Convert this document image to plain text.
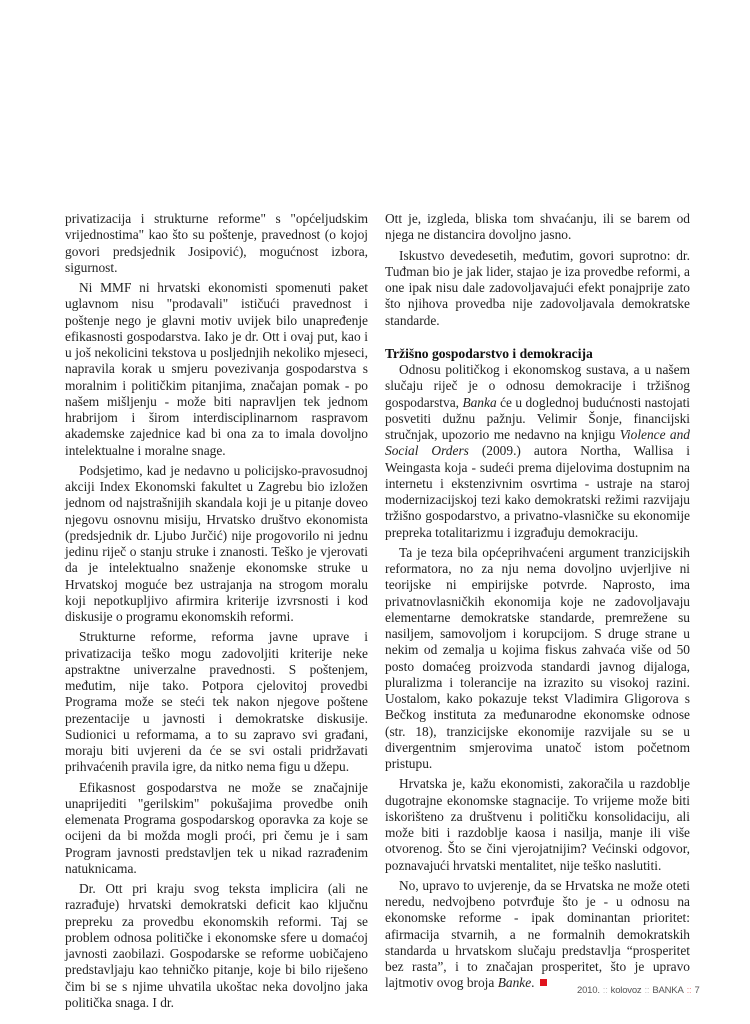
privatizacija i strukturne reforme" s "općeljudskim vrijednostima" kao što su poštenje, pravednost (o kojoj govori predsjednik Josipović), mogućnost izbora, sigurnost.

Ni MMF ni hrvatski ekonomisti spomenuti paket uglavnom nisu "prodavali" ističući pravednost i poštenje nego je glavni motiv uvijek bilo unapređenje efikasnosti gospodarstva. Iako je dr. Ott i ovaj put, kao i u još nekolicini tekstova u posljednjih nekoliko mjeseci, napravila korak u smjeru povezivanja gospodarstva s moralnim i političkim pitanjima, značajan pomak - po našem mišljenju - može biti napravljen tek jednom hrabrijom i širom interdisciplinarnom raspravom akademske zajednice kad bi ona za to imala dovoljno intelektualne i moralne snage.

Podsjetimo, kad je nedavno u policijsko-pravosudnoj akciji Index Ekonomski fakultet u Zagrebu bio izložen jednom od najstrašnijih skandala koji je u pitanje doveo njegovu osnovnu misiju, Hrvatsko društvo ekonomista (predsjednik dr. Ljubo Jurčić) nije progovorilo ni jednu jedinu riječ o stanju struke i znanosti. Teško je vjerovati da je intelektualno snaženje ekonomske struke u Hrvatskoj moguće bez ustrajanja na strogom moralu koji nepotkupljivo afirmira kriterije izvrsnosti i kod diskusije o programu ekonomskih reformi.

Strukturne reforme, reforma javne uprave i privatizacija teško mogu zadovoljiti kriterije neke apstraktne univerzalne pravednosti. S poštenjem, međutim, nije tako. Potpora cjelovitoj provedbi Programa može se steći tek nakon njegove poštene prezentacije u javnosti i demokratske diskusije. Sudionici u reformama, a to su zapravo svi građani, moraju biti uvjereni da će se svi ostali pridržavati prihvaćenih pravila igre, da nitko nema figu u džepu.

Efikasnost gospodarstva ne može se značajnije unaprijediti "gerilskim" pokušajima provedbe onih elemenata Programa gospodarskog oporavka za koje se ocijeni da bi možda mogli proći, pri čemu je i sam Program javnosti predstavljen tek u nikad razrađenim natuknicama.

Dr. Ott pri kraju svog teksta implicira (ali ne razrađuje) hrvatski demokratski deficit kao ključnu prepreku za provedbu ekonomskih reformi. Taj se problem odnosa političke i ekonomske sfere u domaćoj javnosti zaobilazi. Gospodarske se reforme uobičajeno predstavljaju kao tehničko pitanje, koje bi bilo riješeno čim bi se s njime uhvatila ukoštac neka dovoljno jaka politička snaga. I dr.

Ott je, izgleda, bliska tom shvaćanju, ili se barem od njega ne distancira dovoljno jasno.

Iskustvo devedesetih, međutim, govori suprotno: dr. Tuđman bio je jak lider, stajao je iza provedbe reformi, a one ipak nisu dale zadovoljavajući efekt ponajprije zato što njihova provedba nije zadovoljavala demokratske standarde.

Tržišno gospodarstvo i demokracija

Odnosu političkog i ekonomskog sustava, a u našem slučaju riječ je o odnosu demokracije i tržišnog gospodarstva, Banka će u doglednoj budućnosti nastojati posvetiti dužnu pažnju. Velimir Šonje, financijski stručnjak, upozorio me nedavno na knjigu Violence and Social Orders (2009.) autora Northa, Wallisa i Weingasta koja - sudeći prema dijelovima dostupnim na internetu i ekstenzivnim osvrtima - ustraje na staroj modernizacijskoj tezi kako demokratski režimi razvijaju tržišno gospodarstvo, a privatno-vlasničke su ekonomije prepreka totalitarizmu i izgrađuju demokraciju.

Ta je teza bila općeprihvaćeni argument tranzicijskih reformatora, no za nju nema dovoljno uvjerljive ni teorijske ni empirijske potvrde. Naprosto, ima privatnovlasničkih ekonomija koje ne zadovoljavaju elementarne demokratske standarde, premrežene su nasiljem, samovoljom i korupcijom. S druge strane u nekim od zemalja u kojima fiskus zahvaća više od 50 posto domaćeg proizvoda standardi javnog dijaloga, pluralizma i tolerancije na izrazito su visokoj razini. Uostalom, kako pokazuje tekst Vladimira Gligorova s Bečkog instituta za međunarodne ekonomske odnose (str. 18), tranzicijske ekonomije razvijale su se u divergentnim smjerovima unatoč istom početnom pristupu.

Hrvatska je, kažu ekonomisti, zakoračila u razdoblje dugotrajne ekonomske stagnacije. To vrijeme može biti iskorišteno za društvenu i političku konsolidaciju, ali može biti i razdoblje kaosa i nasilja, manje ili više otvorenog. Što se čini vjerojatnijim? Većinski odgovor, poznavajući hrvatski mentalitet, nije teško naslutiti.

No, upravo to uvjerenje, da se Hrvatska ne može oteti neredu, nedvojbeno potvrđuje što je - u odnosu na ekonomske reforme - ipak dominantan prioritet: afirmacija stvarnih, a ne formalnih demokratskih standarda u hrvatskom slučaju predstavlja “prosperitet bez rasta”, i to značajan prosperitet, što je upravo lajtmotiv ovog broja Banke.

2010. :: kolovoz :: BANKA :: 7
